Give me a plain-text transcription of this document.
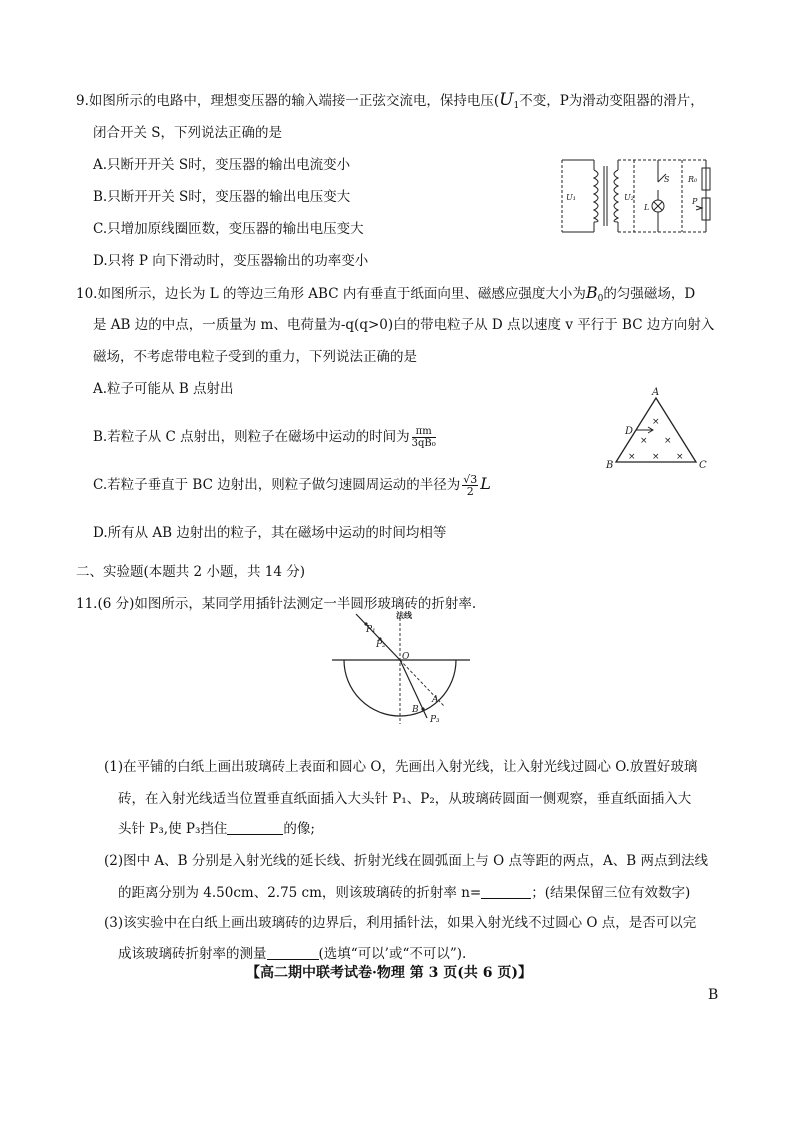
9.如图所示的电路中，理想变压器的输入端接一正弦交流电，保持电压($U_1$不变，P为滑动变阻器的滑片，
闭合开关 S，下列说法正确的是
A.只断开开关 S时，变压器的输出电流变小
B.只断开开关 S时，变压器的输出电压变大
C.只增加原线圈匝数，变压器的输出电压变大
D.只将 P 向下滑动时，变压器输出的功率变小
U₁	U₂
S
L
R₀
P
10.如图所示，边长为 L 的等边三角形 ABC 内有垂直于纸面向里、磁感应强度大小为$B_0$的匀强磁场，D
是 AB 边的中点，一质量为 m、电荷量为-q(q>0)白的带电粒子从 D 点以速度 v 平行于 BC 边方向射入
磁场，不考虑带电粒子受到的重力，下列说法正确的是
A.粒子可能从 B 点射出
B.若粒子从 C 点射出，则粒子在磁场中运动的时间为 $\frac{\pi m}{\text{3qB₀}}$
C.若粒子垂直于 BC 边射出，则粒子做匀速圆周运动的半径为 $\frac{√3}{2}$ L
D.所有从 AB 边射出的粒子，其在磁场中运动的时间均相等
A
B	C
D
×
×
×
× × ×
二、实验题(本题共 2 小题，共 14 分)
11.(6 分)如图所示，某同学用插针法测定一半圆形玻璃砖的折射率.
法线
P₁
P₂
O
A
B
P₃
(1)在平铺的白纸上画出玻璃砖上表面和圆心 O，先画出入射光线，让入射光线过圆心 O.放置好玻璃
砖，在入射光线适当位置垂直纸面插入大头针 P₁、P₂，从玻璃砖圆面一侧观察，垂直纸面插入大
头针 P₃,使 P₃挡住	的像;
(2)图中 A、B 分别是入射光线的延长线、折射光线在圆弧面上与 O 点等距的两点，A、B 两点到法线
的距离分别为 4.50cm、2.75 cm，则该玻璃砖的折射率 n=	；(结果保留三位有效数字)
(3)该实验中在白纸上画出玻璃砖的边界后，利用插针法，如果入射光线不过圆心 O 点，是否可以完
成该玻璃砖折射率的测量	(选填“可以’或“不可以”).
【高二期中联考试卷·物理 第 3 页(共 6 页)】
B
